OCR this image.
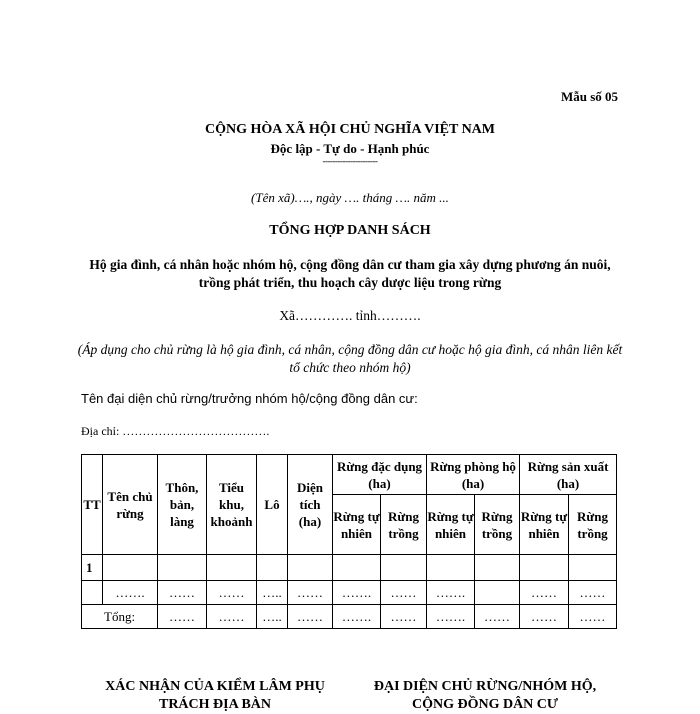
Mẫu số 05
CỘNG HÒA XÃ HỘI CHỦ NGHĨA VIỆT NAM
Độc lập - Tự do - Hạnh phúc
----------------------
(Tên xã)…., ngày …. tháng …. năm ...
TỔNG HỢP DANH SÁCH
Hộ gia đình, cá nhân hoặc nhóm hộ, cộng đồng dân cư tham gia xây dựng phương án nuôi, trồng phát triển, thu hoạch cây dược liệu trong rừng
Xã…………. tỉnh……….
(Áp dụng cho chủ rừng là hộ gia đình, cá nhân, cộng đồng dân cư hoặc hộ gia đình, cá nhân liên kết tổ chức theo nhóm hộ)
Tên đại diện chủ rừng/trưởng nhóm hộ/cộng đồng dân cư:
Địa chỉ: ……………………………….
TT	Tên chủ rừng	Thôn, bản, làng	Tiểu khu, khoảnh	Lô	Diện tích (ha)	Rừng đặc dụng (ha)		Rừng phòng hộ (ha)		Rừng sản xuất (ha)	
						Rừng tự nhiên	Rừng trồng	Rừng tự nhiên	Rừng trồng	Rừng tự nhiên	Rừng trồng
1											
	…….	……	……	…..	……	…….	……	…….		……	……
Tổng:		……	……	…..	……	…….	……	…….	……	……	……
XÁC NHẬN CỦA KIỂM LÂM PHỤ TRÁCH ĐỊA BÀN
ĐẠI DIỆN CHỦ RỪNG/NHÓM HỘ, CỘNG ĐỒNG DÂN CƯ
